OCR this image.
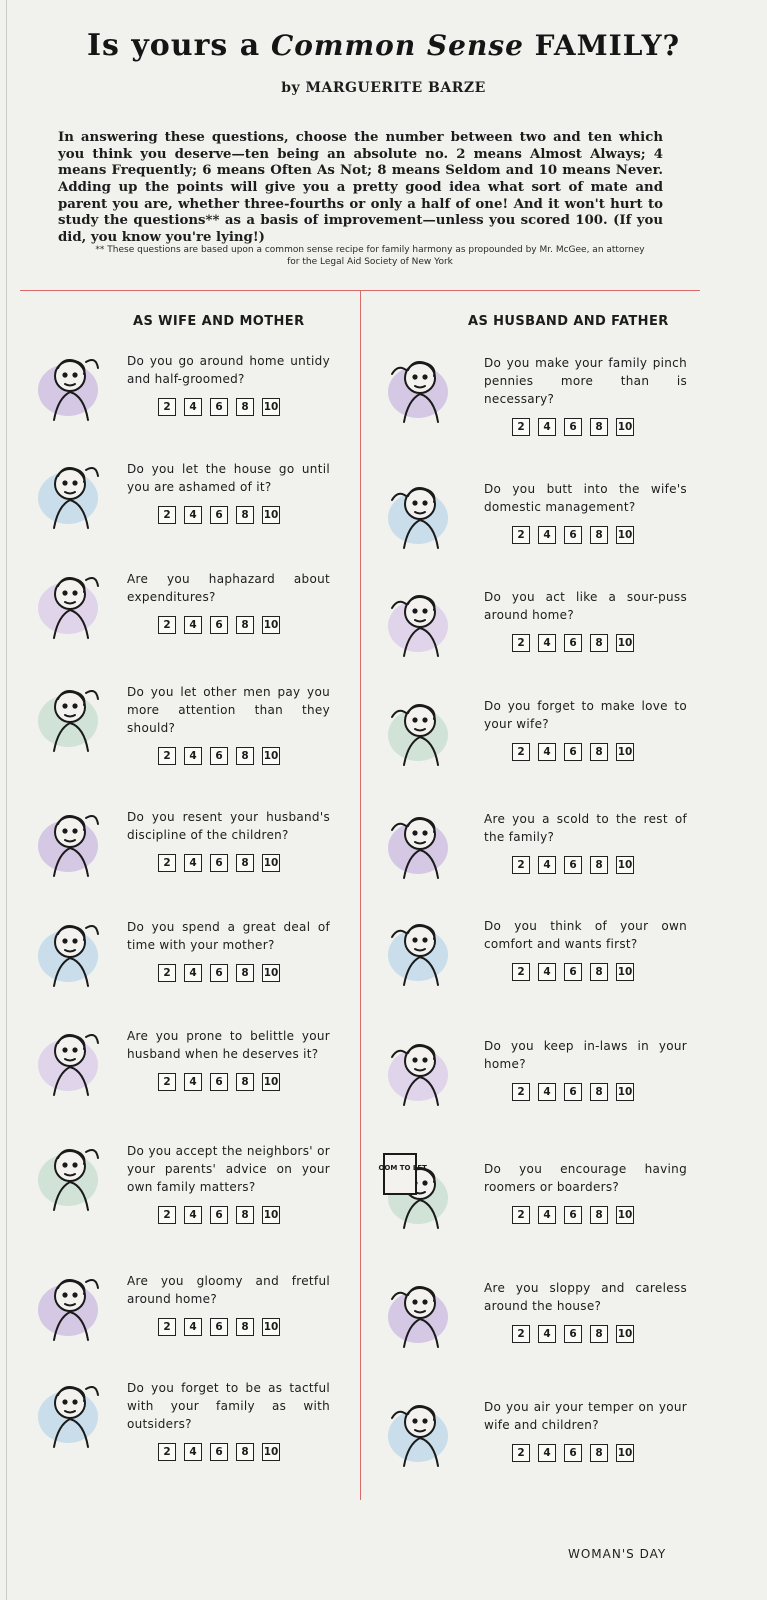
Is yours a Common Sense FAMILY?
by MARGUERITE BARZE

In answering these questions, choose the number between two and ten which you think you deserve—ten being an absolute no. 2 means Almost Always; 4 means Frequently; 6 means Often As Not; 8 means Seldom and 10 means Never. Adding up the points will give you a pretty good idea what sort of mate and parent you are, whether three-fourths or only a half of one! And it won't hurt to study the questions** as a basis of improvement—unless you scored 100. (If you did, you know you're lying!)

** These questions are based upon a common sense recipe for family harmony as propounded by Mr. McGee, an attorney for the Legal Aid Society of New York
AS WIFE AND MOTHER	AS HUSBAND AND FATHER

Do you go around home untidy and half-groomed?

2	4	6	8	10

Do you let the house go until you are ashamed of it?

2	4	6	8	10

Are you haphazard about expenditures?

2	4	6	8	10

Do you let other men pay you more attention than they should?

2	4	6	8	10

Do you resent your husband's discipline of the children?

2	4	6	8	10

Do you spend a great deal of time with your mother?

2	4	6	8	10

Are you prone to belittle your husband when he deserves it?

2	4	6	8	10

Do you accept the neighbors' or your parents' advice on your own family matters?

2	4	6	8	10

Are you gloomy and fretful around home?

2	4	6	8	10

Do you forget to be as tactful with your family as with outsiders?

2	4	6	8	10

Do you make your family pinch pennies more than is necessary?

2	4	6	8	10

Do you butt into the wife's domestic management?

2	4	6	8	10

Do you act like a sour-puss around home?

2	4	6	8	10

Do you forget to make love to your wife?

2	4	6	8	10

Are you a scold to the rest of the family?

2	4	6	8	10

Do you think of your own comfort and wants first?

2	4	6	8	10

Do you keep in-laws in your home?

2	4	6	8	10
ROOM TO LET	Do you encourage having roomers or boarders?

2	4	6	8	10

Are you sloppy and careless around the house?

2	4	6	8	10

Do you air your temper on your wife and children?

2	4	6	8	10
WOMAN'S DAY
